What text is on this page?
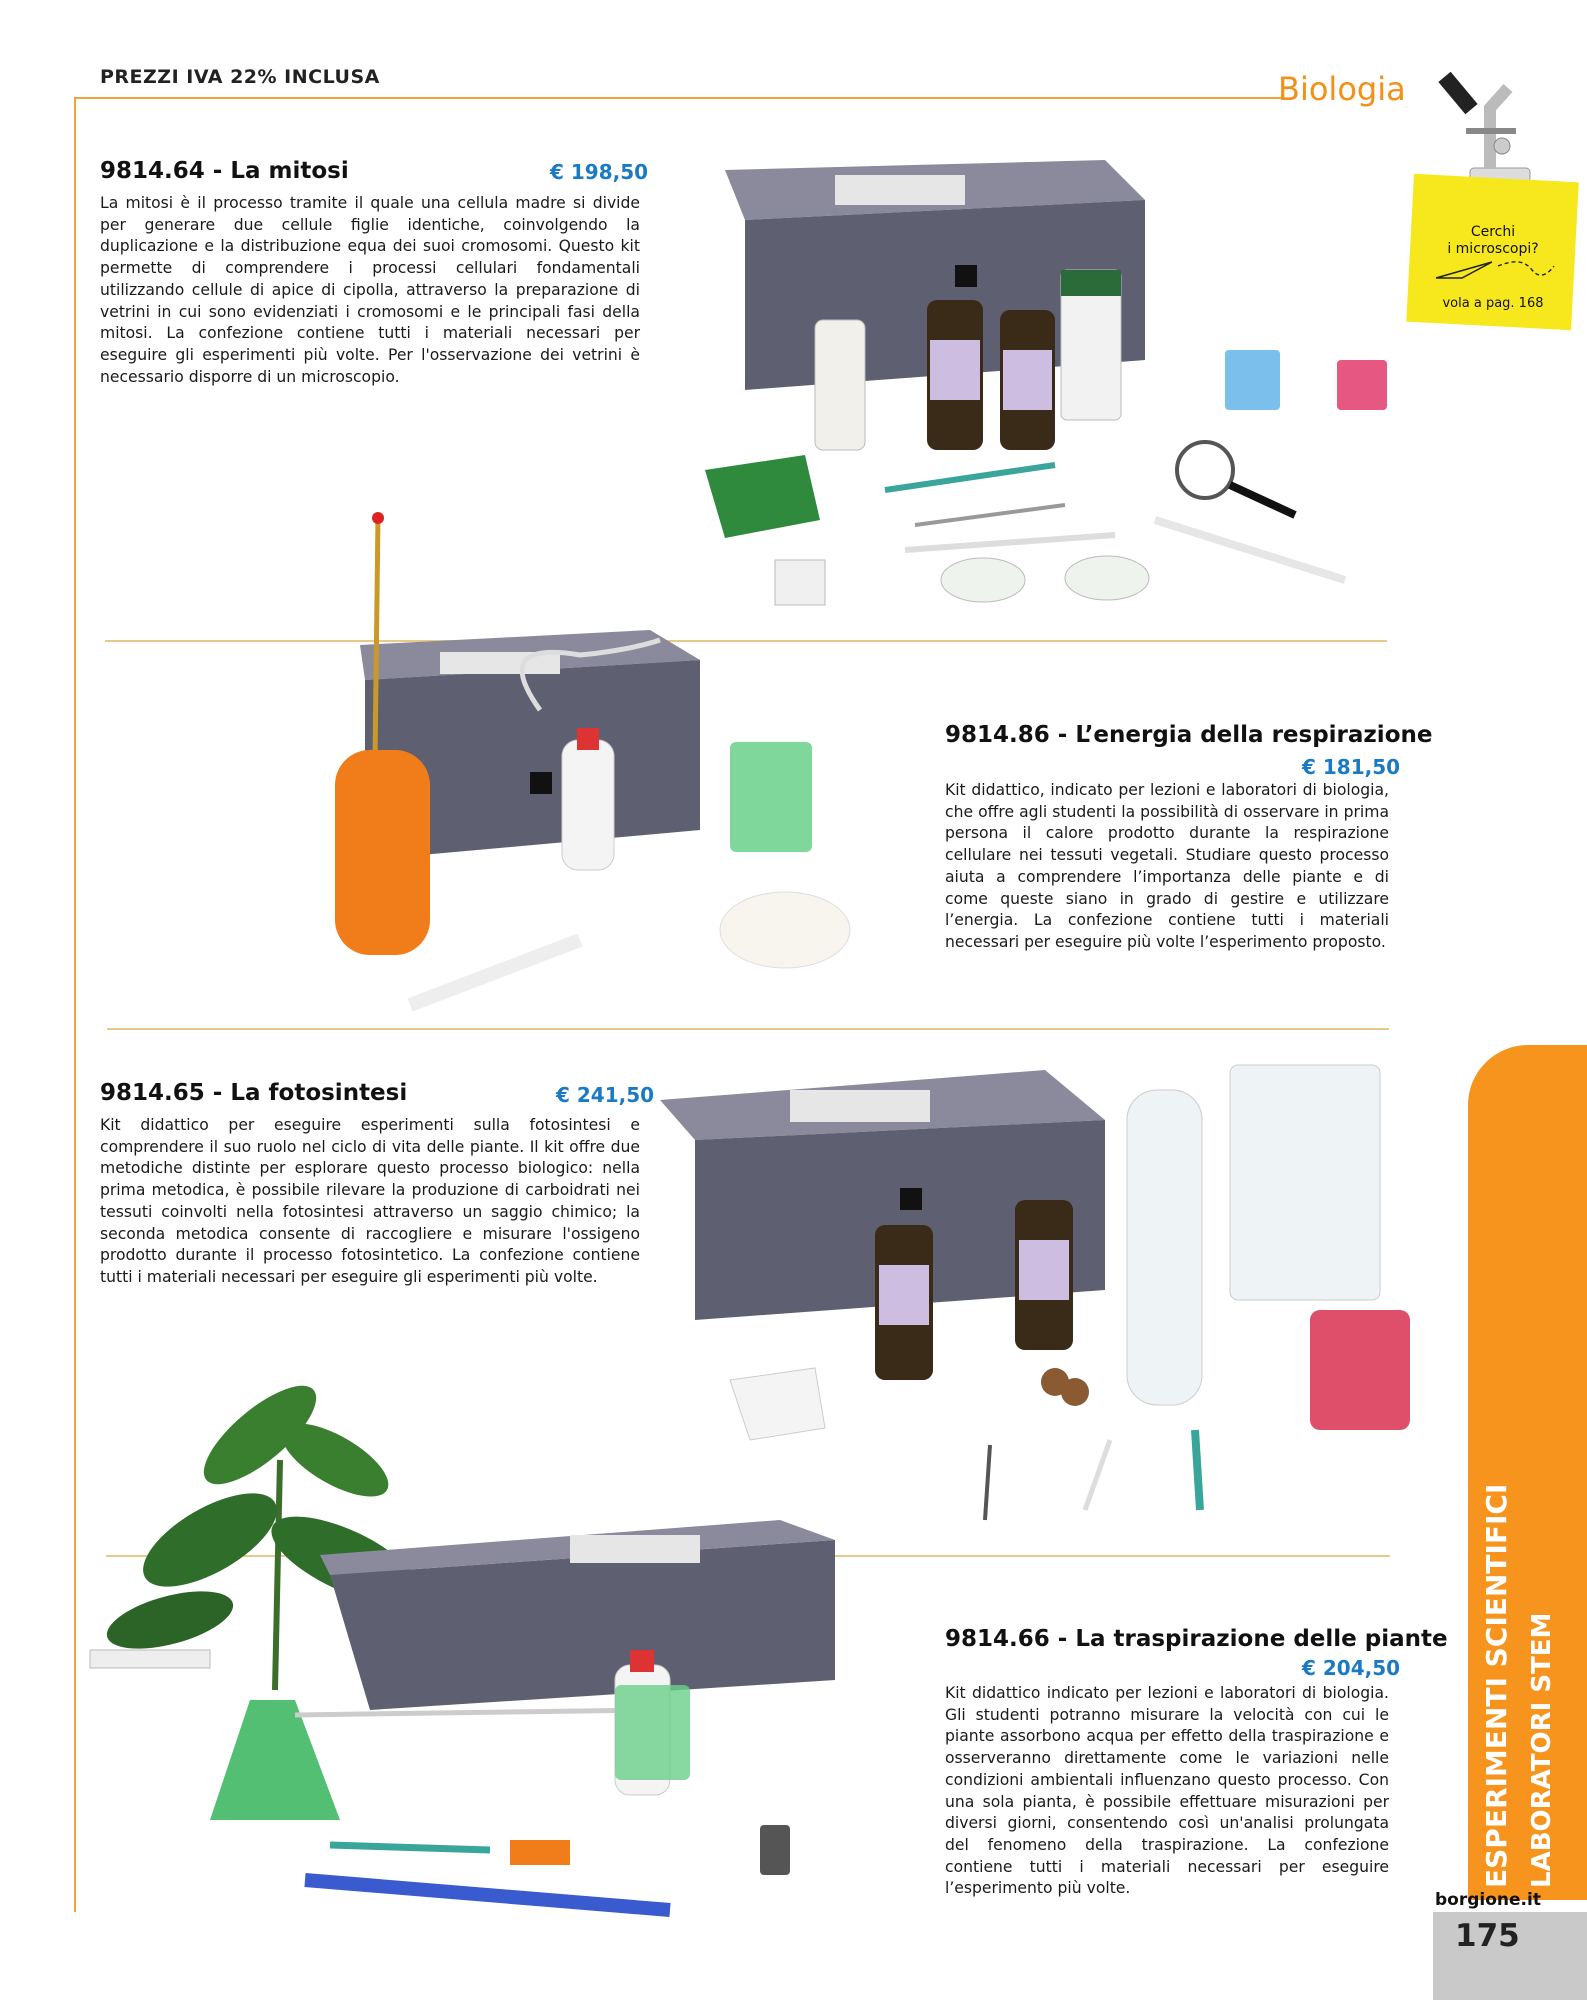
PREZZI IVA 22% INCLUSA	Biologia
Cerchi
i microscopi?
vola a pag. 168
9814.64 - La mitosi	€ 198,50
La mitosi è il processo tramite il quale una cellula madre si divide per generare due cellule figlie identiche, coinvolgendo la duplicazione e la distribuzione equa dei suoi cromosomi. Questo kit permette di comprendere i processi cellulari fondamentali utilizzando cellule di apice di cipolla, attraverso la preparazione di vetrini in cui sono evidenziati i cromosomi e le principali fasi della mitosi. La confezione contiene tutti i materiali necessari per eseguire gli esperimenti più volte. Per l'osservazione dei vetrini è necessario disporre di un microscopio.
9814.86 - L’energia della respirazione
€ 181,50
Kit didattico, indicato per lezioni e laboratori di biologia, che offre agli studenti la possibilità di osservare in prima persona il calore prodotto durante la respirazione cellulare nei tessuti vegetali. Studiare questo processo aiuta a comprendere l’importanza delle piante e di come queste siano in grado di gestire e utilizzare l’energia. La confezione contiene tutti i materiali necessari per eseguire più volte l’esperimento proposto.
9814.65 - La fotosintesi	€ 241,50
Kit didattico per eseguire esperimenti sulla fotosintesi e comprendere il suo ruolo nel ciclo di vita delle piante. Il kit offre due metodiche distinte per esplorare questo processo biologico: nella prima metodica, è possibile rilevare la produzione di carboidrati nei tessuti coinvolti nella fotosintesi attraverso un saggio chimico; la seconda metodica consente di raccogliere e misurare l'ossigeno prodotto durante il processo fotosintetico. La confezione contiene tutti i materiali necessari per eseguire gli esperimenti più volte.
9814.66 - La traspirazione delle piante
€ 204,50
Kit didattico indicato per lezioni e laboratori di biologia. Gli studenti potranno misurare la velocità con cui le piante assorbono acqua per effetto della traspirazione e osserveranno direttamente come le variazioni nelle condizioni ambientali influenzano questo processo. Con una sola pianta, è possibile effettuare misurazioni per diversi giorni, consentendo così un'analisi prolungata del fenomeno della traspirazione. La confezione contiene tutti i materiali necessari per eseguire l’esperimento più volte.
ESPERIMENTI SCIENTIFICI LABORATORI STEM
borgione.it
175
